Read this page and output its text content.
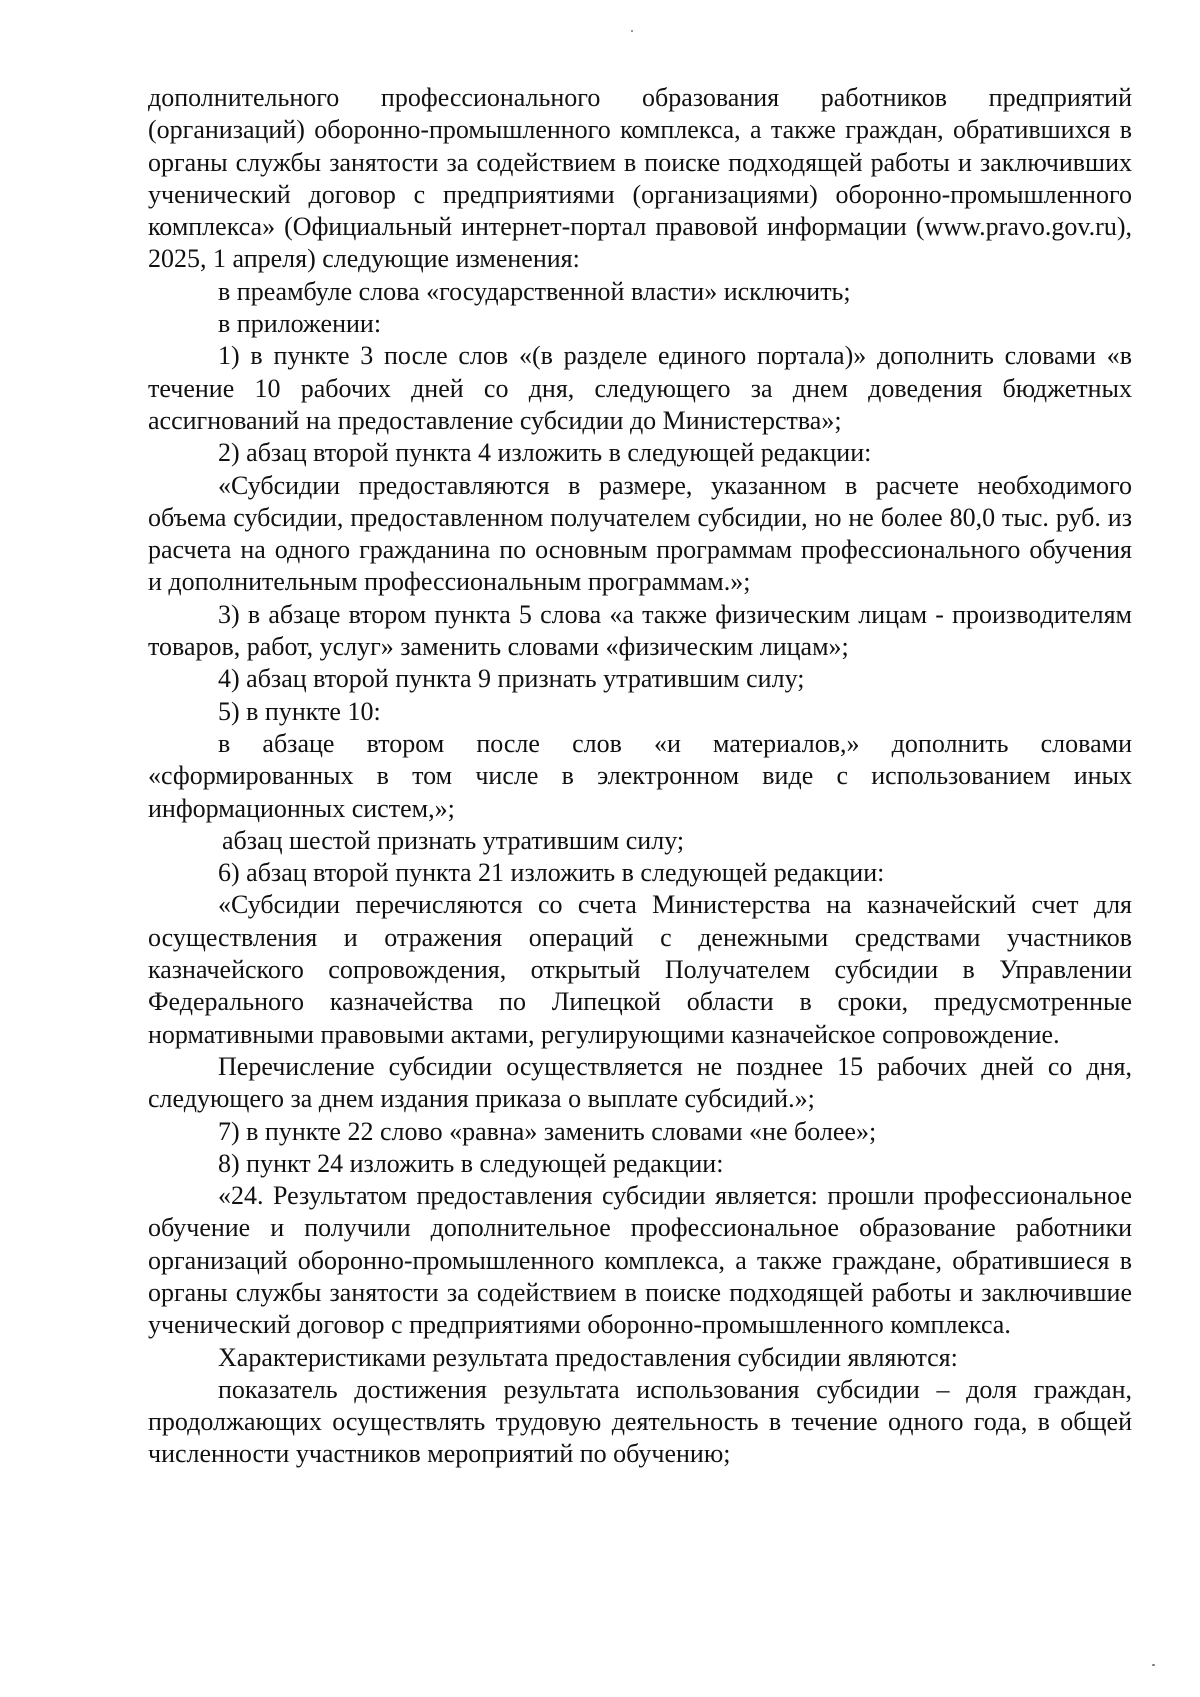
дополнительного профессионального образования работников предприятий (организаций) оборонно-промышленного комплекса, а также граждан, обратившихся в органы службы занятости за содействием в поиске подходящей работы и заключивших ученический договор с предприятиями (организациями) оборонно-промышленного комплекса» (Официальный интернет-портал правовой информации (www.pravo.gov.ru), 2025, 1 апреля) следующие изменения:

в преамбуле слова «государственной власти» исключить;

в приложении:

1) в пункте 3 после слов «(в разделе единого портала)» дополнить словами «в течение 10 рабочих дней со дня, следующего за днем доведения бюджетных ассигнований на предоставление субсидии до Министерства»;

2) абзац второй пункта 4 изложить в следующей редакции:

«Субсидии предоставляются в размере, указанном в расчете необходимого объема субсидии, предоставленном получателем субсидии, но не более 80,0 тыс. руб. из расчета на одного гражданина по основным программам профессионального обучения и дополнительным профессиональным программам.»;

3) в абзаце втором пункта 5 слова «а также физическим лицам - производителям товаров, работ, услуг» заменить словами «физическим лицам»;

4) абзац второй пункта 9 признать утратившим силу;

5) в пункте 10:

в абзаце втором после слов «и материалов,» дополнить словами «сформированных в том числе в электронном виде с использованием иных информационных систем,»;

абзац шестой признать утратившим силу;

6) абзац второй пункта 21 изложить в следующей редакции:

«Субсидии перечисляются со счета Министерства на казначейский счет для осуществления и отражения операций с денежными средствами участников казначейского сопровождения, открытый Получателем субсидии в Управлении Федерального казначейства по Липецкой области в сроки, предусмотренные нормативными правовыми актами, регулирующими казначейское сопровождение.

Перечисление субсидии осуществляется не позднее 15 рабочих дней со дня, следующего за днем издания приказа о выплате субсидий.»;

7) в пункте 22 слово «равна» заменить словами «не более»;

8) пункт 24 изложить в следующей редакции:

«24. Результатом предоставления субсидии является: прошли профессиональное обучение и получили дополнительное профессиональное образование работники организаций оборонно-промышленного комплекса, а также граждане, обратившиеся в органы службы занятости за содействием в поиске подходящей работы и заключившие ученический договор с предприятиями оборонно-промышленного комплекса.

Характеристиками результата предоставления субсидии являются:

показатель достижения результата использования субсидии – доля граждан, продолжающих осуществлять трудовую деятельность в течение одного года, в общей численности участников мероприятий по обучению;
